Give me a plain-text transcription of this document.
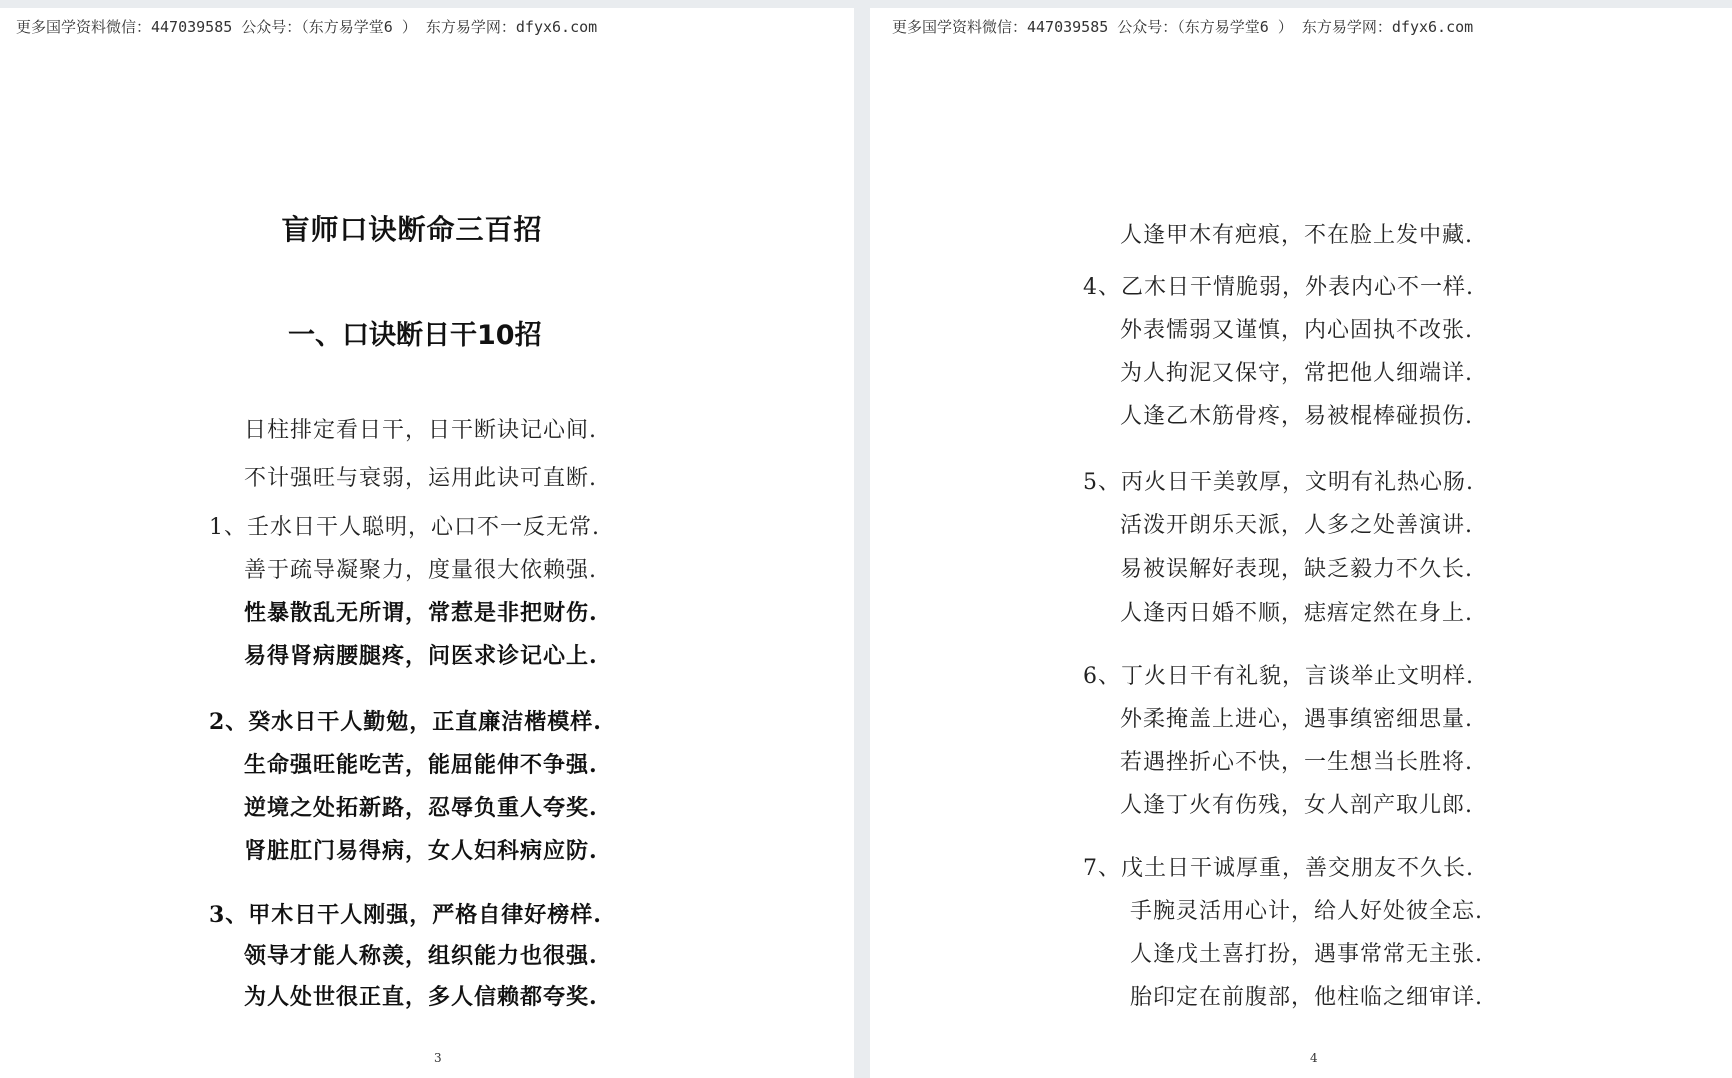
更多国学资料微信：447039585 公众号：（东方易学堂6 ） 东方易学网：dfyx6.com
盲师口诀断命三百招
一、口诀断日干10招
日柱排定看日干，日干断诀记心间.
不计强旺与衰弱，运用此诀可直断.
1、壬水日干人聪明，心口不一反无常.
善于疏导凝聚力，度量很大依赖强.
性暴散乱无所谓，常惹是非把财伤.
易得肾病腰腿疼，问医求诊记心上.
2、癸水日干人勤勉，正直廉洁楷模样.
生命强旺能吃苦，能屈能伸不争强.
逆境之处拓新路，忍辱负重人夸奖.
肾脏肛门易得病，女人妇科病应防.
3、甲木日干人刚强，严格自律好榜样.
领导才能人称羡，组织能力也很强.
为人处世很正直，多人信赖都夸奖.
3
更多国学资料微信：447039585 公众号：（东方易学堂6 ） 东方易学网：dfyx6.com
人逢甲木有疤痕，不在脸上发中藏.
4、乙木日干情脆弱，外表内心不一样.
外表懦弱又谨慎，内心固执不改张.
为人拘泥又保守，常把他人细端详.
人逢乙木筋骨疼，易被棍棒碰损伤.
5、丙火日干美敦厚，文明有礼热心肠.
活泼开朗乐天派，人多之处善演讲.
易被误解好表现，缺乏毅力不久长.
人逢丙日婚不顺，痣痦定然在身上.
6、丁火日干有礼貌，言谈举止文明样.
外柔掩盖上进心，遇事缜密细思量.
若遇挫折心不快，一生想当长胜将.
人逢丁火有伤残，女人剖产取儿郎.
7、戊土日干诚厚重，善交朋友不久长.
手腕灵活用心计，给人好处彼全忘.
人逢戊土喜打扮，遇事常常无主张.
胎印定在前腹部，他柱临之细审详.
4
